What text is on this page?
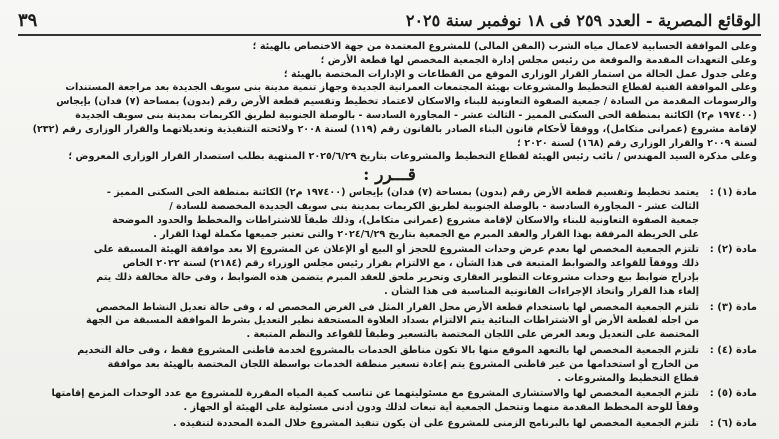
٣٩	الوقائع المصرية - العدد ٢٥٩ فى ١٨ نوفمبر سنة ٢٠٢٥
وعلى الموافقة الحسابية لاعمال مياه الشرب (المقن المالى) للمشروع المعتمدة من جهة الاختصاص بالهيئة ؛
وعلى التعهدات المقدمة والموقعة من رئيس مجلس إدارة الجمعية المخصص لها قطعة الأرض ؛
وعلى جدول عمل الحالة من استمار القرار الوزارى الموقع من القطاعات و الإدارات المختصة بالهيئة ؛
وعلى الموافقة الفنية لقطاع التخطيط والمشروعات بهيئة المجتمعات العمرانية الجديدة وجهاز تنمية مدينة بنى سويف الجديدة بعد مراجعة المستندات
والرسومات المقدمة من السادة / جمعية الصفوة التعاونية للبناء والاسكان لاعتماد تخطيط وتقسيم قطعة الأرض رقم (بدون) بمساحة (٧) فدان) بإيجاس
(١٩٧٤٠٠ م٢) الكائنة بمنطقة الحى السكنى المميز - الثالث عشر - المجاورة السادسة - بالوصلة الجنوبية لطريق الكريمات بمدينة بنى سويف الجديدة
لإقامة مشروع (عمرانى متكامل)، ووفقاً لأحكام قانون البناء الصادر بالقانون رقم (١١٩) لسنة ٢٠٠٨ ولائحته التنفيذية وتعديلاتهما والقرار الوزارى رقم (٢٣٢)
لسنة ٢٠٠٩ والقرار الوزارى رقم (١٦٨) لسنة ٢٠٢٠ ؛
وعلى مذكرة السيد المهندس / نائب رئيس الهيئة لقطاع التخطيط والمشروعات بتاريخ ٢٠٢٥/٦/٢٩ المنتهية بطلب استصدار القرار الوزارى المعروض ؛
قـــرر :
مادة (١) :
يعتمد تخطيط وتقسيم قطعة الأرض رقم (بدون) بمساحة (٧) فدان) بإيجاس (١٩٧٤٠٠ م٢) الكائنة بمنطقة الحى السكنى المميز -
الثالث عشر - المجاورة السادسة - بالوصلة الجنوبية لطريق الكريمات بمدينة بنى سويف الجديدة المخصصة للسادة /
جمعية الصفوة التعاونية للبناء والاسكان لإقامة مشروع (عمرانى متكامل)، وذلك طبقاً للاشتراطات والمخطط والحدود الموضحة
على الخريطة المرفقة بهذا القرار والعقد المبرم مع الجمعية بتاريخ ٢٠٢٤/٦/٢٩ والتى تعتبر جميعها مكملة لهذا القرار .
مادة (٢) :
تلتزم الجمعية المخصص لها بعدم عرض وحدات المشروع للحجز أو البيع أو الإعلان عن المشروع إلا بعد موافقة الهيئة المسبقة على
ذلك ووفقاً للقواعد والضوابط المتبعة فى هذا الشأن ، مع الالتزام بقرار رئيس مجلس الوزراء رقم (٢١٨٤) لسنة ٢٠٢٢ الخاص
بإدراج ضوابط بيع وحدات مشروعات التطوير العقارى وتحرير ملحق للعقد المبرم يتضمن هذه الضوابط ، وفى حالة مخالفة ذلك يتم
إلغاء هذا القرار واتخاذ الإجراءات القانونية المناسبة فى هذا الشأن .
مادة (٣) :
تلتزم الجمعية المخصص لها باستخدام قطعة الأرض محل القرار المثل فى الغرض المخصص له ، وفى حالة تعديل النشاط المخصص
من اجله لقطعة الأرض أو الاشتراطات البنائية يتم الالتزام بسداد العلاوة المستحقة نظير التعديل بشرط الموافقة المسبقة من الجهة
المختصة على التعديل وبعد العرض على اللجان المختصة بالتسعير وطبقاً للقواعد والنظم المتبعة .
مادة (٤) :
تلتزم الجمعية المخصص لها بالتعهد الموقع منها بالا تكون مناطق الخدمات بالمشروع لخدمة قاطنى المشروع فقط ، وفى حالة التخديم
من الخارج أو استخدامها من غير قاطنى المشروع يتم إعادة تسعير منطقة الخدمات بواسطة اللجان المختصة بالهيئة بعد موافقة
قطاع التخطيط والمشروعات .
مادة (٥) :
تلتزم الجمعية المخصص لها والاستشارى المشروع مع مسئوليتهما عن تناسب كمية المياه المقررة للمشروع مع عدد الوحدات المزمع إقامتها
وفقاً للوحة المخطط المقدمة منهما وتتحمل الجمعية أية تبعات لذلك ودون أدنى مسئولية على الهيئة أو الجهاز .
مادة (٦) :
تلتزم الجمعية المخصص لها بالبرنامج الزمنى للمشروع على أن يكون تنفيذ المشروع خلال المدة المحددة لتنفيذه .
